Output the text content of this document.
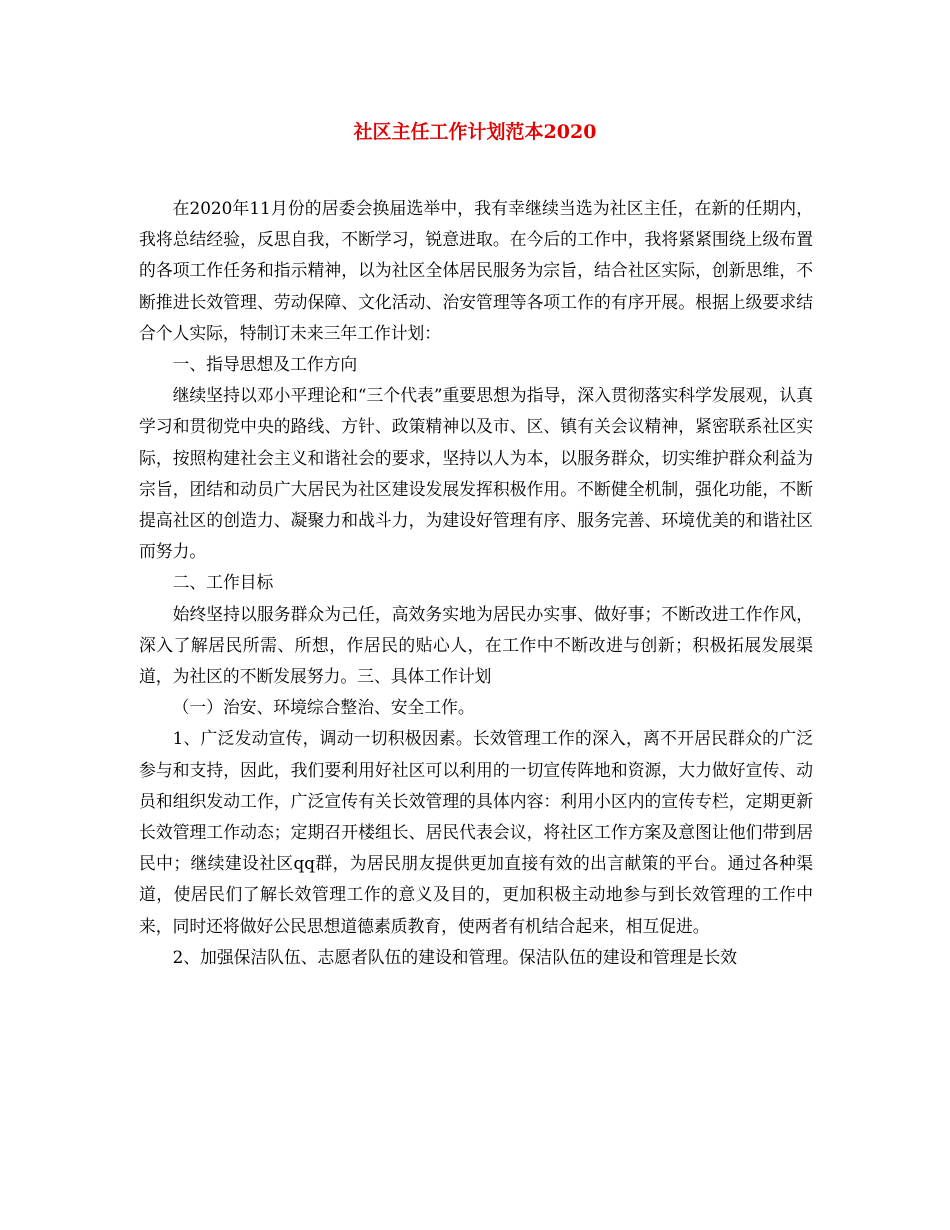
社区主任工作计划范本2020

在2020年11月份的居委会换届选举中，我有幸继续当选为社区主任，在新的任期内，我将总结经验，反思自我，不断学习，锐意进取。在今后的工作中，我将紧紧围绕上级布置的各项工作任务和指示精神，以为社区全体居民服务为宗旨，结合社区实际，创新思维，不断推进长效管理、劳动保障、文化活动、治安管理等各项工作的有序开展。根据上级要求结合个人实际，特制订未来三年工作计划：

一、指导思想及工作方向

继续坚持以邓小平理论和“三个代表”重要思想为指导，深入贯彻落实科学发展观，认真学习和贯彻党中央的路线、方针、政策精神以及市、区、镇有关会议精神，紧密联系社区实际，按照构建社会主义和谐社会的要求，坚持以人为本，以服务群众，切实维护群众利益为宗旨，团结和动员广大居民为社区建设发展发挥积极作用。不断健全机制，强化功能，不断提高社区的创造力、凝聚力和战斗力，为建设好管理有序、服务完善、环境优美的和谐社区而努力。

二、工作目标

始终坚持以服务群众为己任，高效务实地为居民办实事、做好事；不断改进工作作风，深入了解居民所需、所想，作居民的贴心人，在工作中不断改进与创新；积极拓展发展渠道，为社区的不断发展努力。三、具体工作计划

（一）治安、环境综合整治、安全工作。

1、广泛发动宣传，调动一切积极因素。长效管理工作的深入，离不开居民群众的广泛参与和支持，因此，我们要利用好社区可以利用的一切宣传阵地和资源，大力做好宣传、动员和组织发动工作，广泛宣传有关长效管理的具体内容：利用小区内的宣传专栏，定期更新长效管理工作动态；定期召开楼组长、居民代表会议，将社区工作方案及意图让他们带到居民中；继续建设社区qq群，为居民朋友提供更加直接有效的出言献策的平台。通过各种渠道，使居民们了解长效管理工作的意义及目的，更加积极主动地参与到长效管理的工作中来，同时还将做好公民思想道德素质教育，使两者有机结合起来，相互促进。

2、加强保洁队伍、志愿者队伍的建设和管理。保洁队伍的建设和管理是长效
